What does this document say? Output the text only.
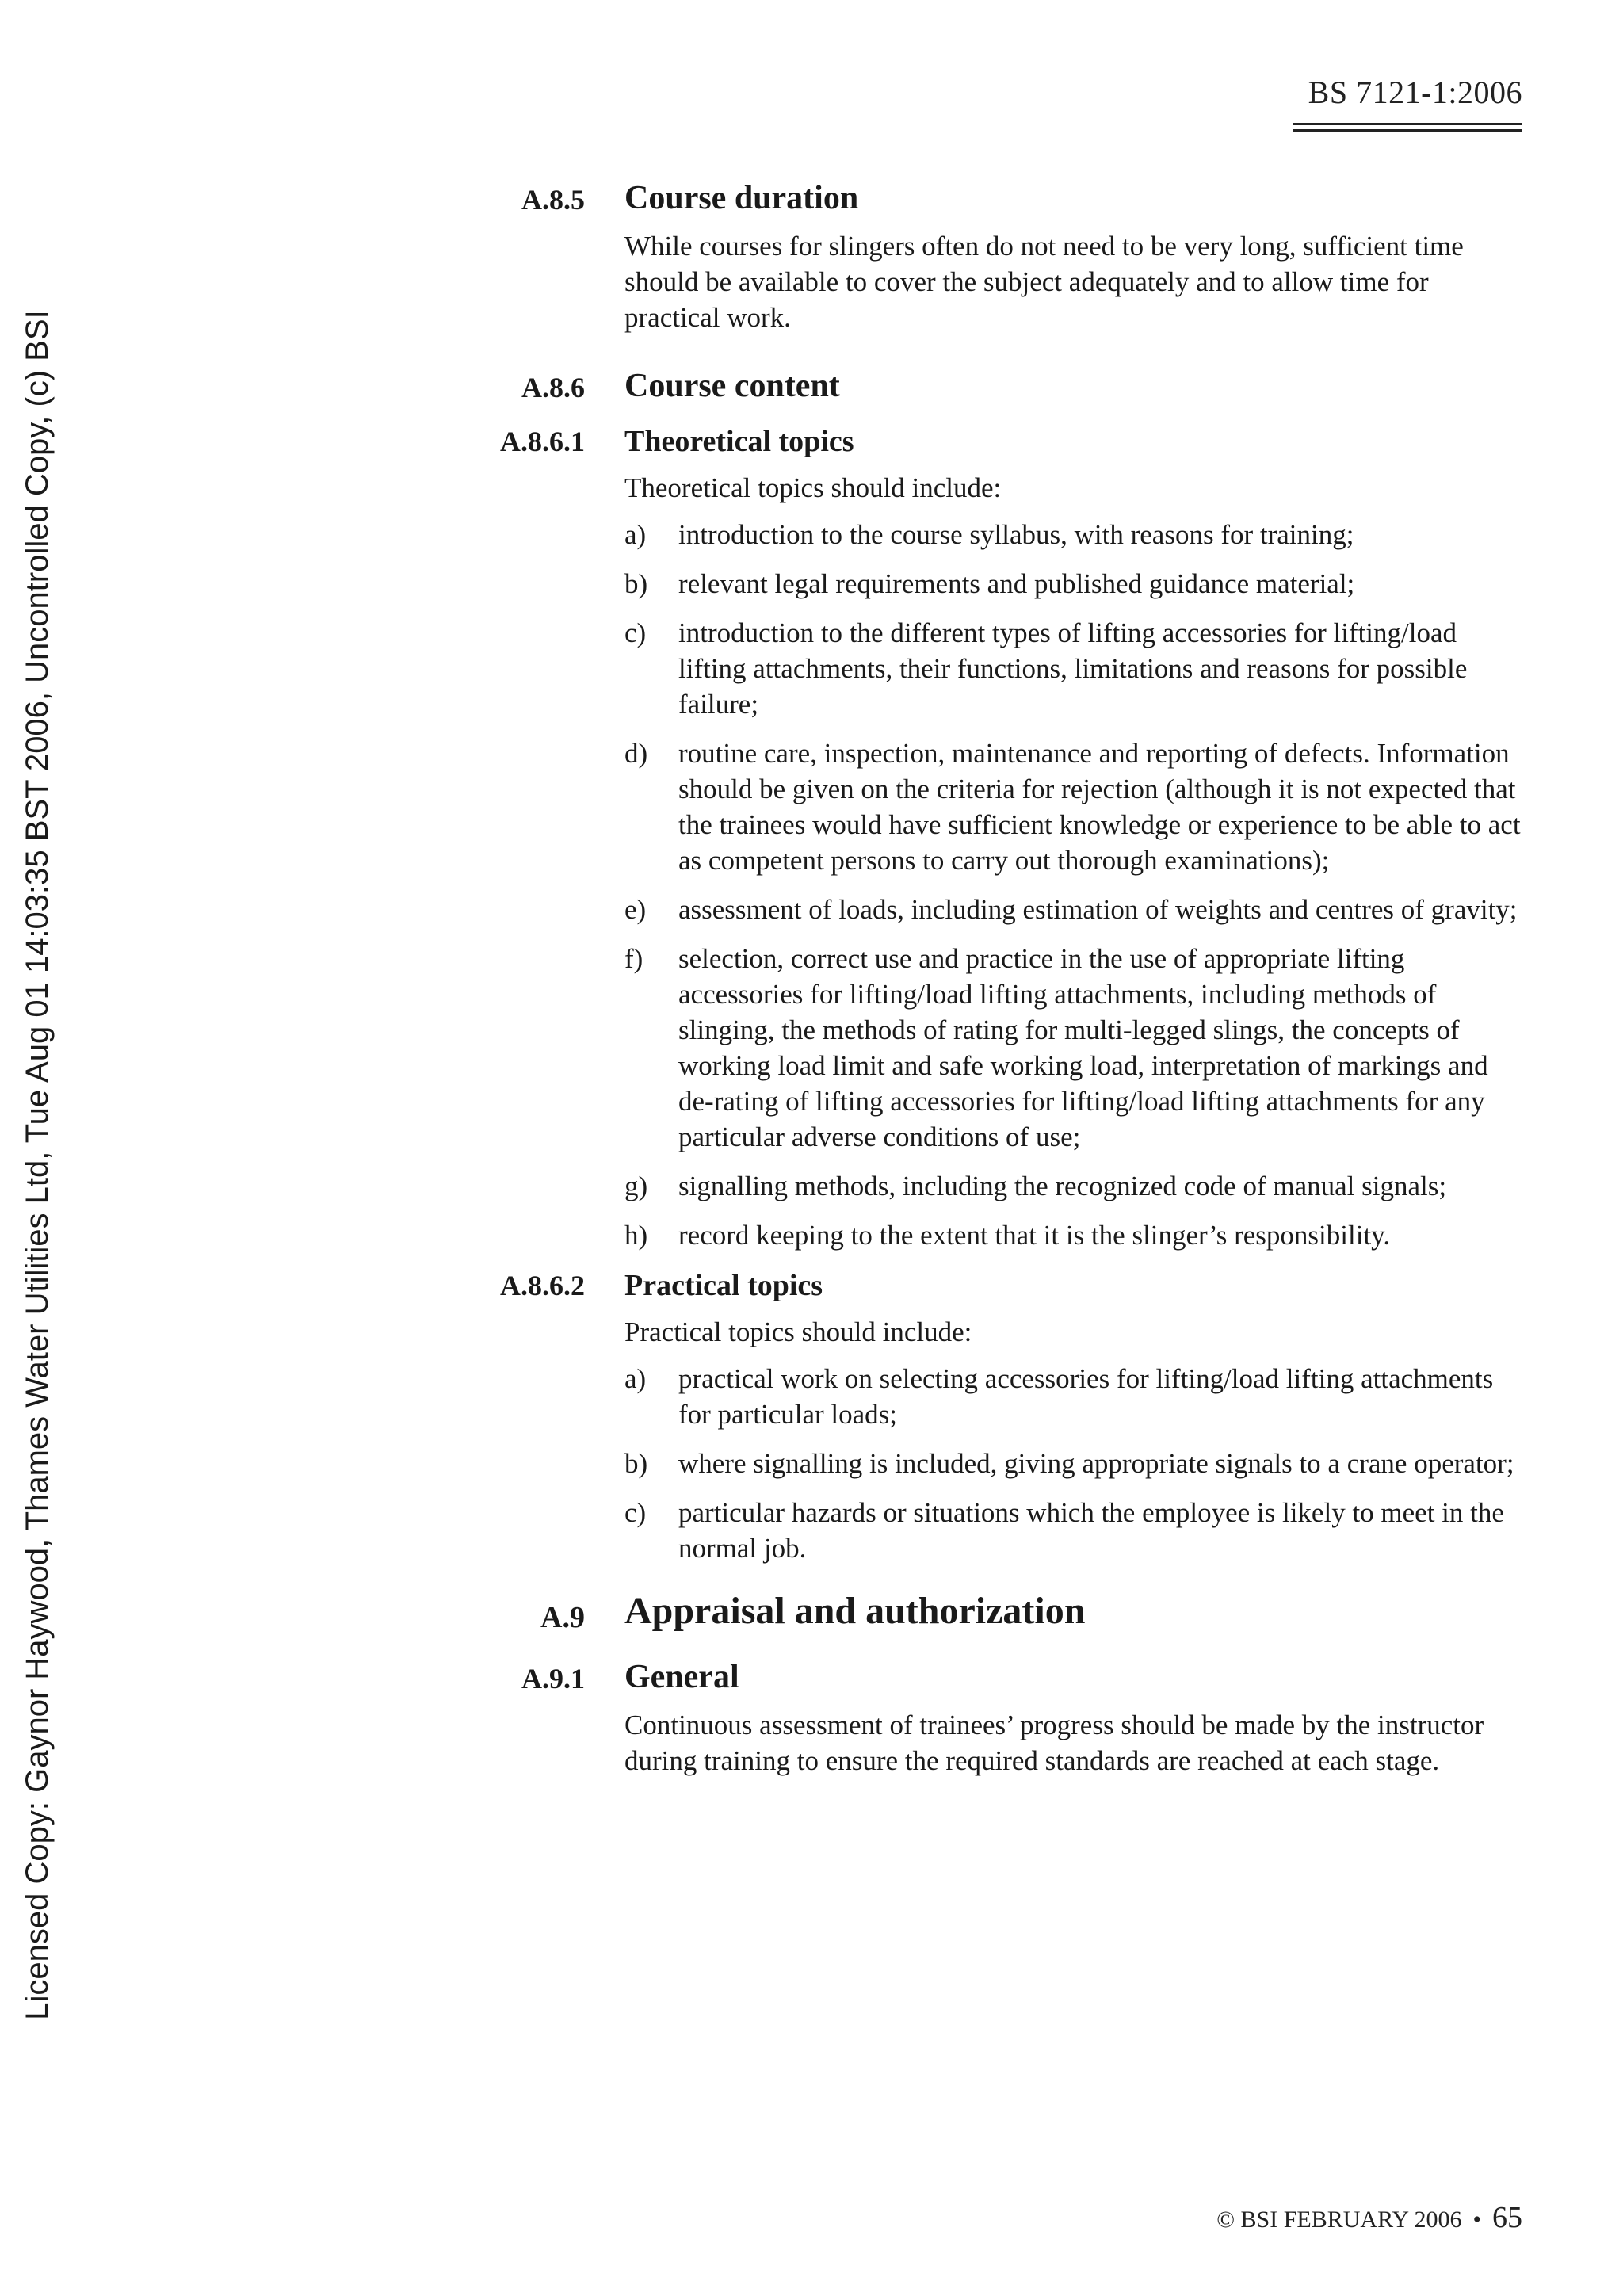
BS 7121-1:2006
Licensed Copy: Gaynor Haywood, Thames Water Utilities Ltd, Tue Aug 01 14:03:35 BST 2006, Uncontrolled Copy, (c) BSI
A.8.5 Course duration

While courses for slingers often do not need to be very long, sufficient time should be available to cover the subject adequately and to allow time for practical work.

A.8.6 Course content
A.8.6.1 Theoretical topics

Theoretical topics should include:

a) introduction to the course syllabus, with reasons for training;
b) relevant legal requirements and published guidance material;
c) introduction to the different types of lifting accessories for lifting/load lifting attachments, their functions, limitations and reasons for possible failure;
d) routine care, inspection, maintenance and reporting of defects. Information should be given on the criteria for rejection (although it is not expected that the trainees would have sufficient knowledge or experience to be able to act as competent persons to carry out thorough examinations);
e) assessment of loads, including estimation of weights and centres of gravity;
f) selection, correct use and practice in the use of appropriate lifting accessories for lifting/load lifting attachments, including methods of slinging, the methods of rating for multi-legged slings, the concepts of working load limit and safe working load, interpretation of markings and de-rating of lifting accessories for lifting/load lifting attachments for any particular adverse conditions of use;
g) signalling methods, including the recognized code of manual signals;
h) record keeping to the extent that it is the slinger’s responsibility.
A.8.6.2 Practical topics

Practical topics should include:

a) practical work on selecting accessories for lifting/load lifting attachments for particular loads;
b) where signalling is included, giving appropriate signals to a crane operator;
c) particular hazards or situations which the employee is likely to meet in the normal job.
A.9 Appraisal and authorization
A.9.1 General

Continuous assessment of trainees’ progress should be made by the instructor during training to ensure the required standards are reached at each stage.

© BSI FEBRUARY 2006 • 65
